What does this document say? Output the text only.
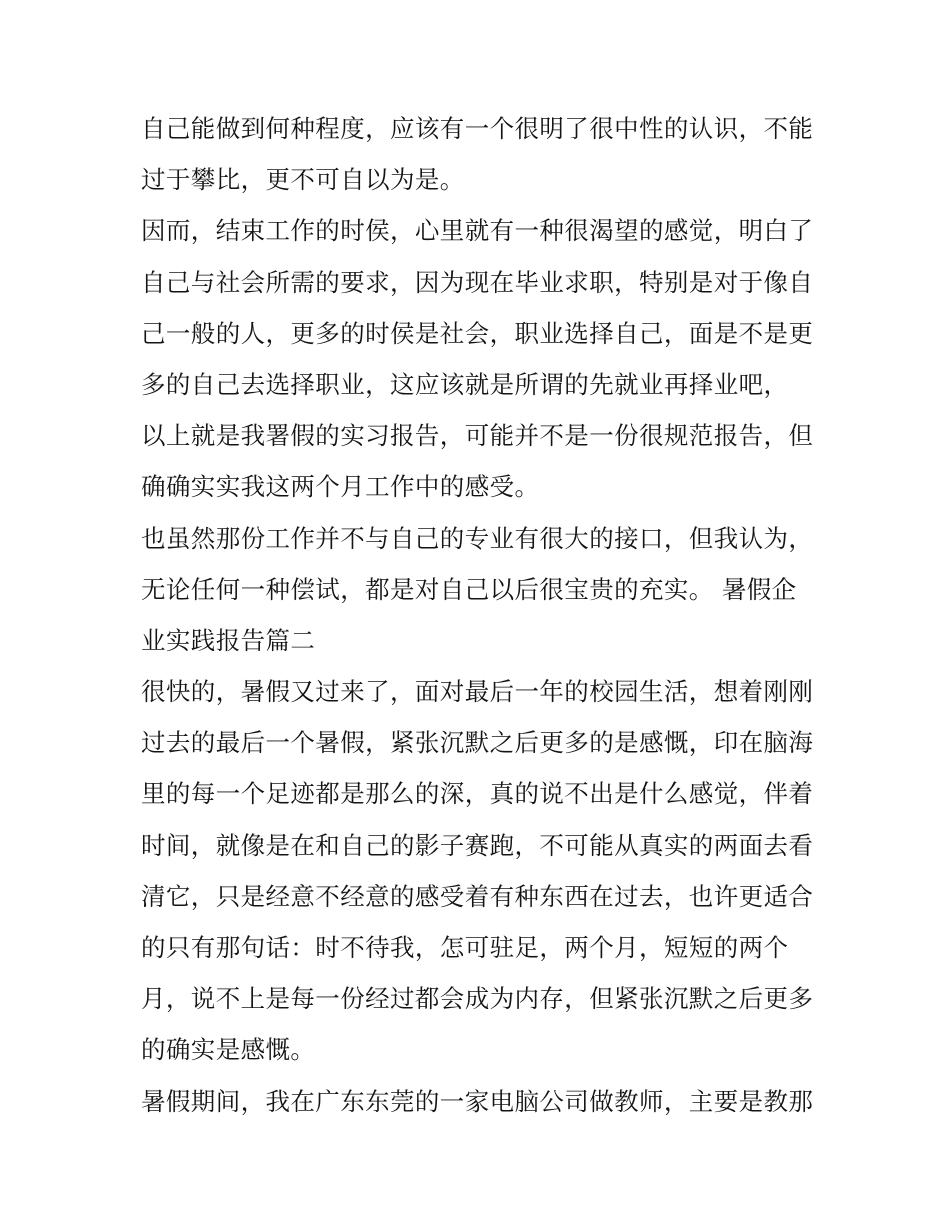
自己能做到何种程度，应该有一个很明了很中性的认识，不能
过于攀比，更不可自以为是。
因而，结束工作的时侯，心里就有一种很渴望的感觉，明白了
自己与社会所需的要求，因为现在毕业求职，特别是对于像自
己一般的人，更多的时侯是社会，职业选择自己，面是不是更
多的自己去选择职业，这应该就是所谓的先就业再择业吧，
以上就是我署假的实习报告，可能并不是一份很规范报告，但
确确实实我这两个月工作中的感受。
也虽然那份工作并不与自己的专业有很大的接口，但我认为，
无论任何一种偿试，都是对自己以后很宝贵的充实。 暑假企
业实践报告篇二
很快的，暑假又过来了，面对最后一年的校园生活，想着刚刚
过去的最后一个暑假，紧张沉默之后更多的是感慨，印在脑海
里的每一个足迹都是那么的深，真的说不出是什么感觉，伴着
时间，就像是在和自己的影子赛跑，不可能从真实的两面去看
清它，只是经意不经意的感受着有种东西在过去，也许更适合
的只有那句话：时不待我，怎可驻足，两个月，短短的两个
月，说不上是每一份经过都会成为内存，但紧张沉默之后更多
的确实是感慨。
暑假期间，我在广东东莞的一家电脑公司做教师，主要是教那
